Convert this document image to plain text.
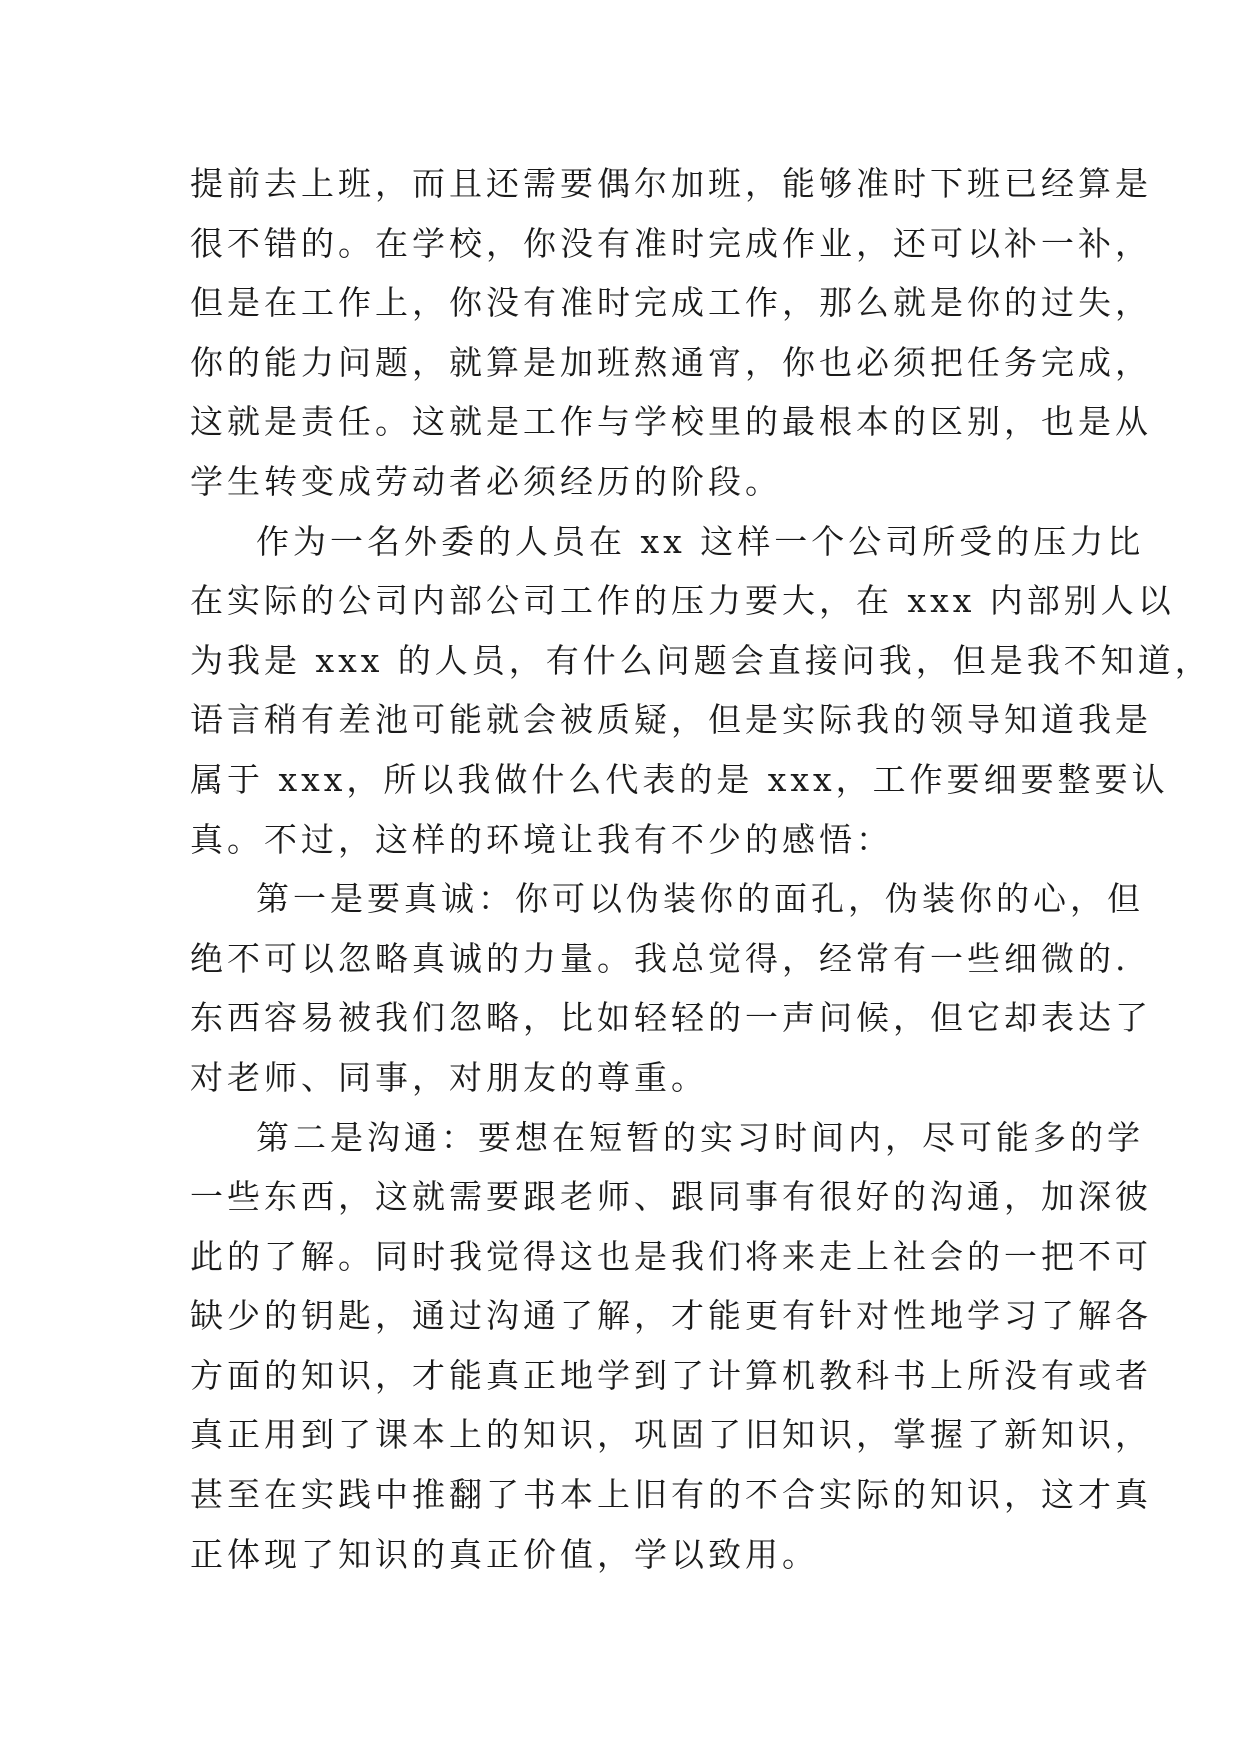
提前去上班，而且还需要偶尔加班，能够准时下班已经算是
很不错的。在学校，你没有准时完成作业，还可以补一补，
但是在工作上，你没有准时完成工作，那么就是你的过失，
你的能力问题，就算是加班熬通宵，你也必须把任务完成，
这就是责任。这就是工作与学校里的最根本的区别，也是从
学生转变成劳动者必须经历的阶段。
作为一名外委的人员在 xx 这样一个公司所受的压力比
在实际的公司内部公司工作的压力要大，在 xxx 内部别人以
为我是 xxx 的人员，有什么问题会直接问我，但是我不知道，
语言稍有差池可能就会被质疑，但是实际我的领导知道我是
属于 xxx，所以我做什么代表的是 xxx，工作要细要整要认
真。不过，这样的环境让我有不少的感悟：
第一是要真诚：你可以伪装你的面孔，伪装你的心，但
绝不可以忽略真诚的力量。我总觉得，经常有一些细微的.
东西容易被我们忽略，比如轻轻的一声问候，但它却表达了
对老师、同事，对朋友的尊重。
第二是沟通：要想在短暂的实习时间内，尽可能多的学
一些东西，这就需要跟老师、跟同事有很好的沟通，加深彼
此的了解。同时我觉得这也是我们将来走上社会的一把不可
缺少的钥匙，通过沟通了解，才能更有针对性地学习了解各
方面的知识，才能真正地学到了计算机教科书上所没有或者
真正用到了课本上的知识，巩固了旧知识，掌握了新知识，
甚至在实践中推翻了书本上旧有的不合实际的知识，这才真
正体现了知识的真正价值，学以致用。
